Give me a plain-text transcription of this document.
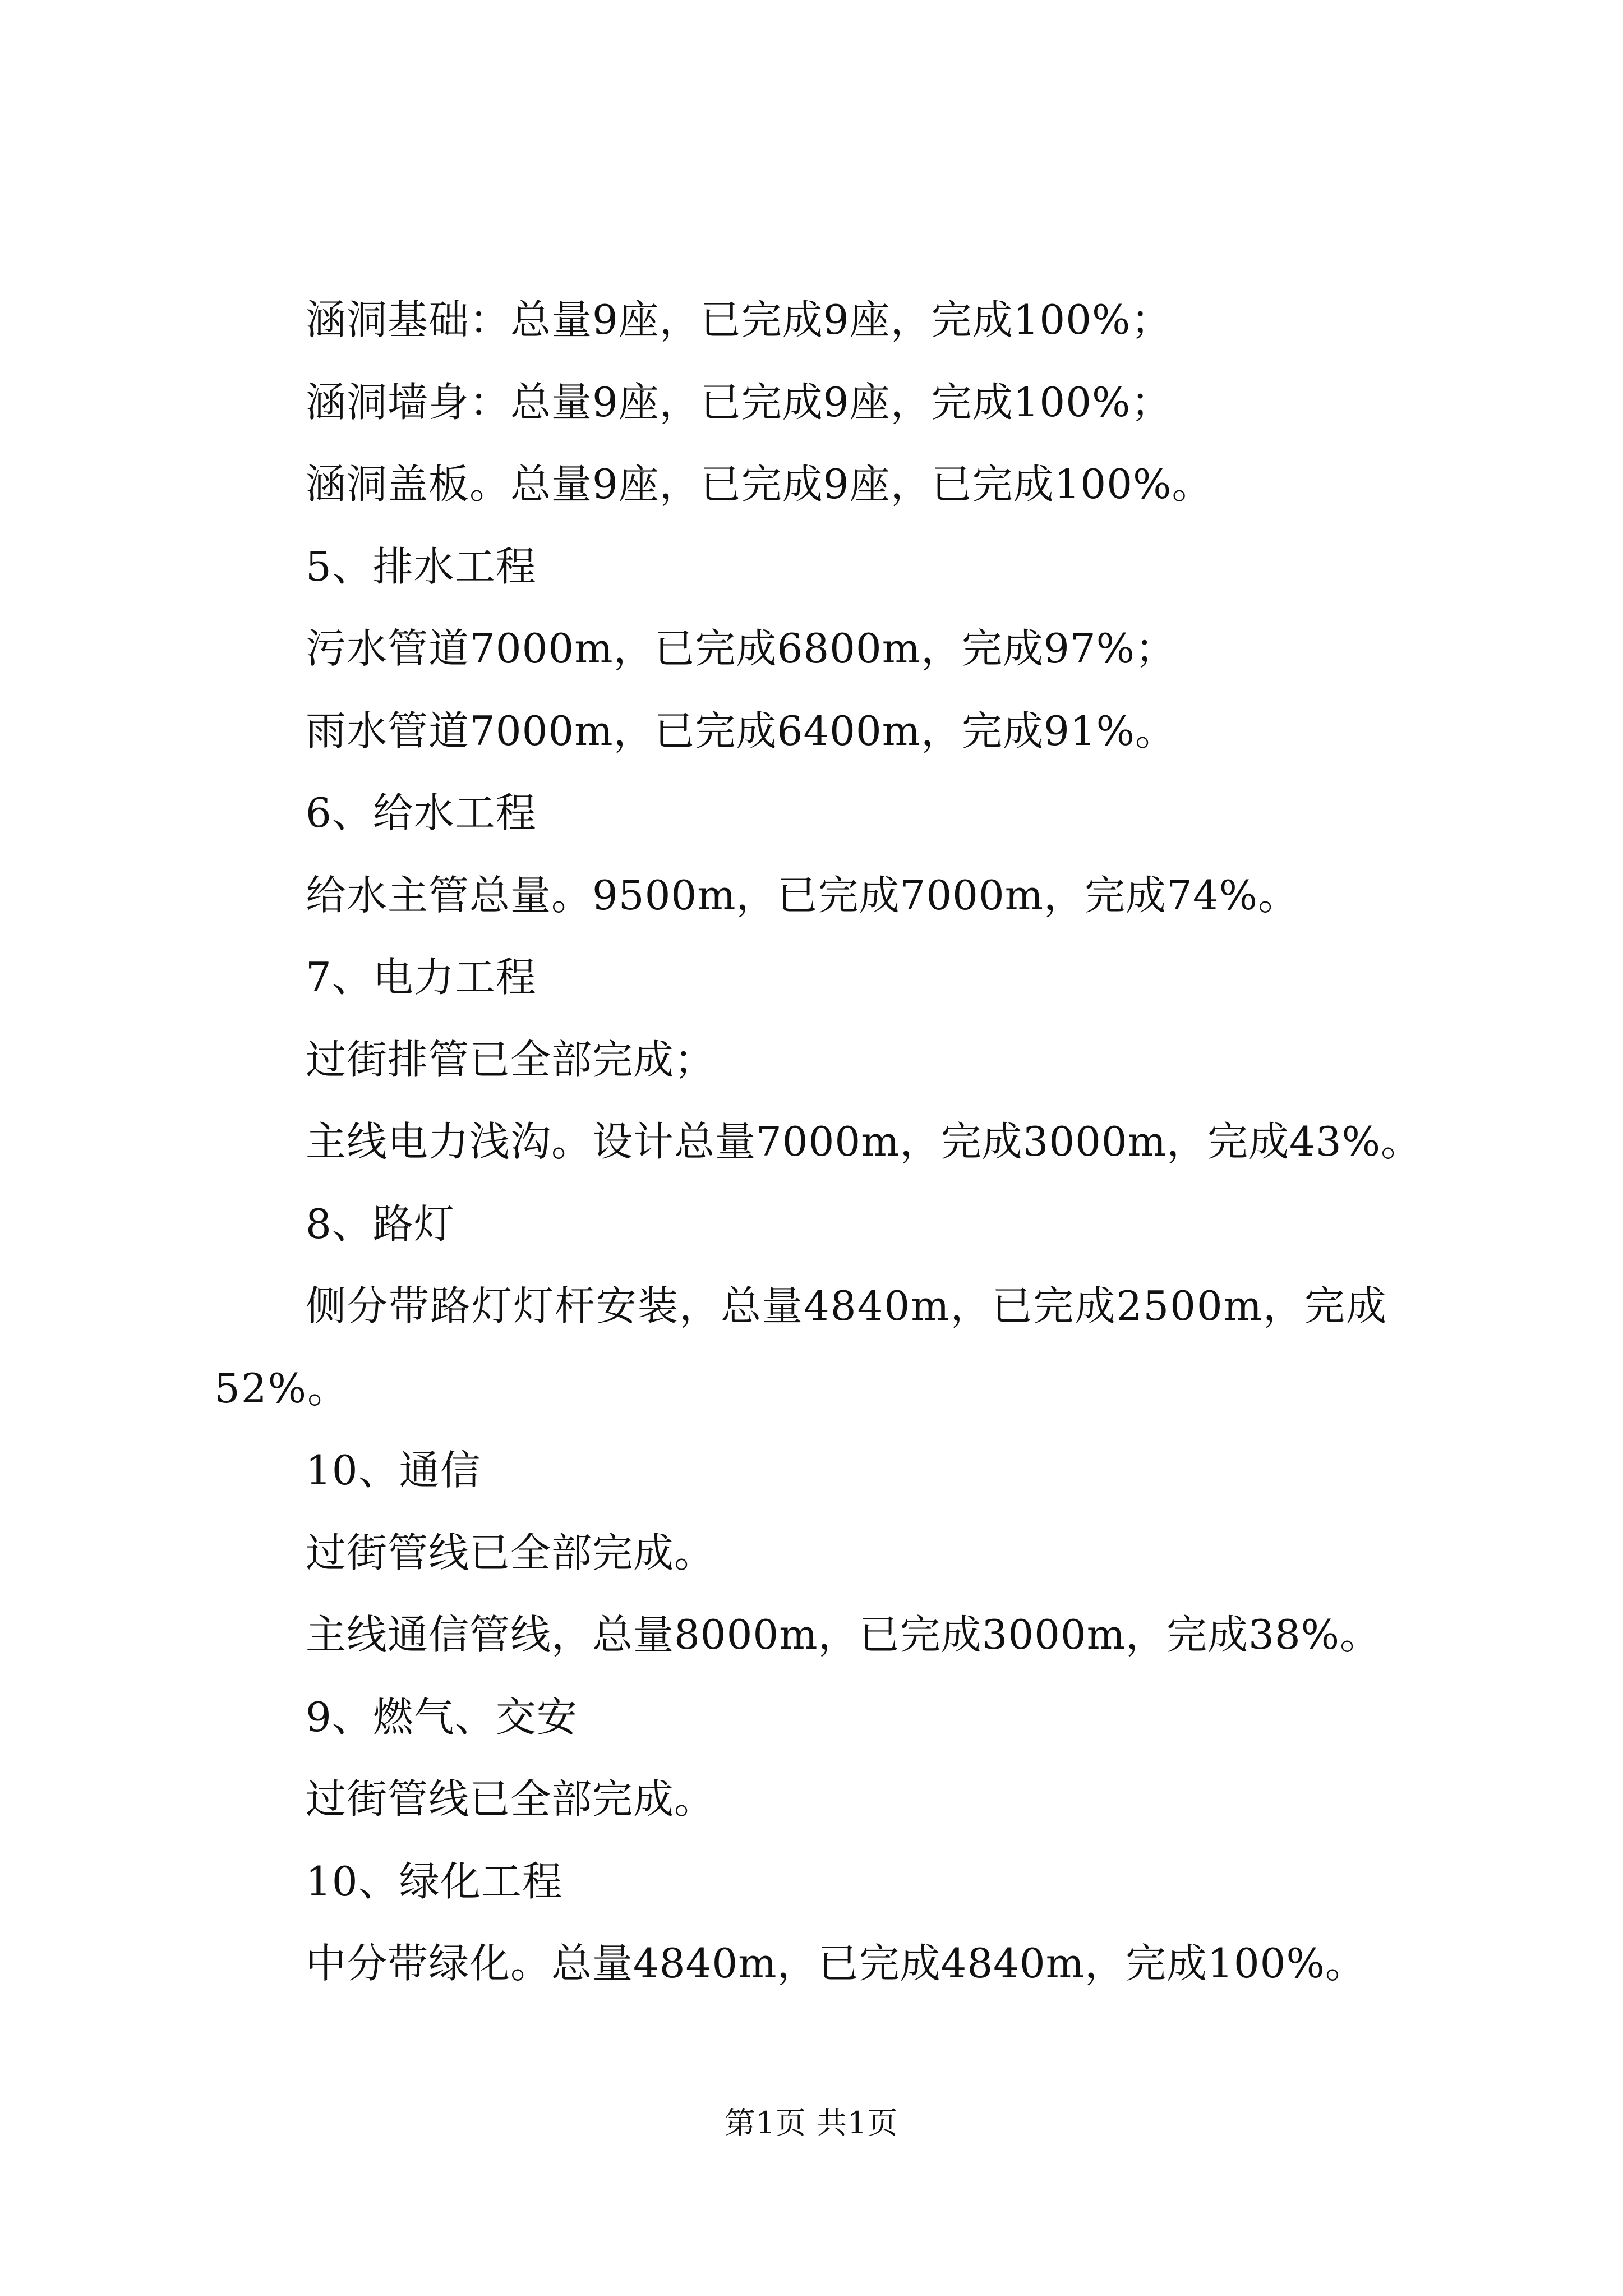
涵洞基础：总量9座，已完成9座，完成100%；

涵洞墙身：总量9座，已完成9座，完成100%；

涵洞盖板。总量9座，已完成9座，已完成100%。

5、排水工程

污水管道7000m，已完成6800m，完成97%；

雨水管道7000m，已完成6400m，完成91%。

6、给水工程

给水主管总量。9500m，已完成7000m，完成74%。

7、电力工程

过街排管已全部完成；

主线电力浅沟。设计总量7000m，完成3000m，完成43%。

8、路灯

侧分带路灯灯杆安装，总量4840m，已完成2500m，完成52%。

10、通信

过街管线已全部完成。

主线通信管线，总量8000m，已完成3000m，完成38%。

9、燃气、交安

过街管线已全部完成。

10、绿化工程

中分带绿化。总量4840m，已完成4840m，完成100%。

第1页 共1页
